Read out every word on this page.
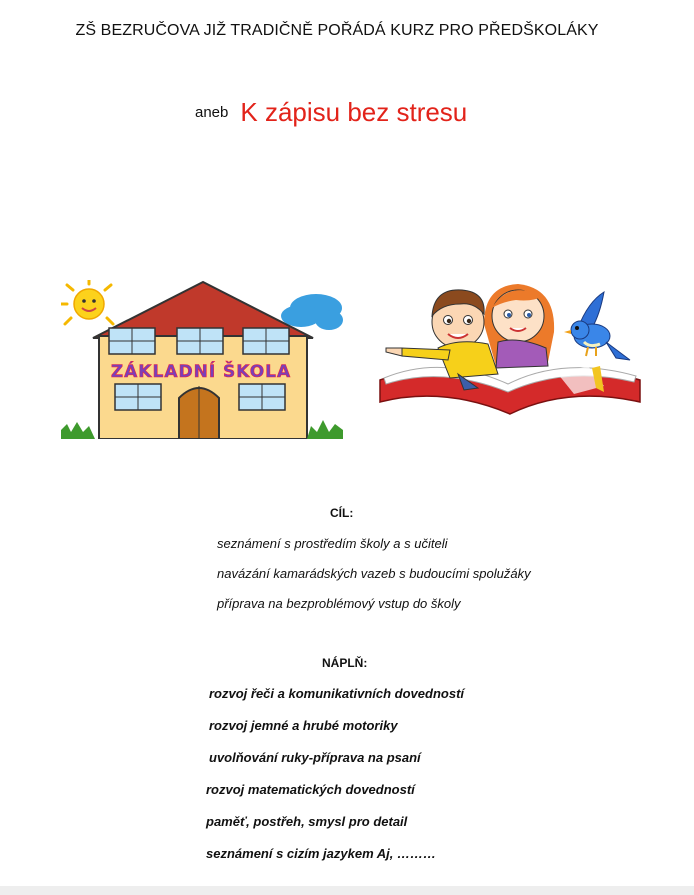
ZŠ BEZRUČOVA JIŽ TRADIČNĚ POŘÁDÁ KURZ PRO PŘEDŠKOLÁKY
aneb K zápisu bez stresu
ZÁKLADNÍ ŠKOLA
CÍL:
seznámení s prostředím školy a s učiteli
navázání kamarádských vazeb s budoucími spolužáky
příprava na bezproblémový vstup do školy
NÁPLŇ:
rozvoj řeči a komunikativních dovedností
rozvoj jemné a hrubé motoriky
uvolňování ruky-příprava na psaní
rozvoj matematických dovedností
paměť, postřeh, smysl pro detail
seznámení s cizím jazykem Aj, ………
